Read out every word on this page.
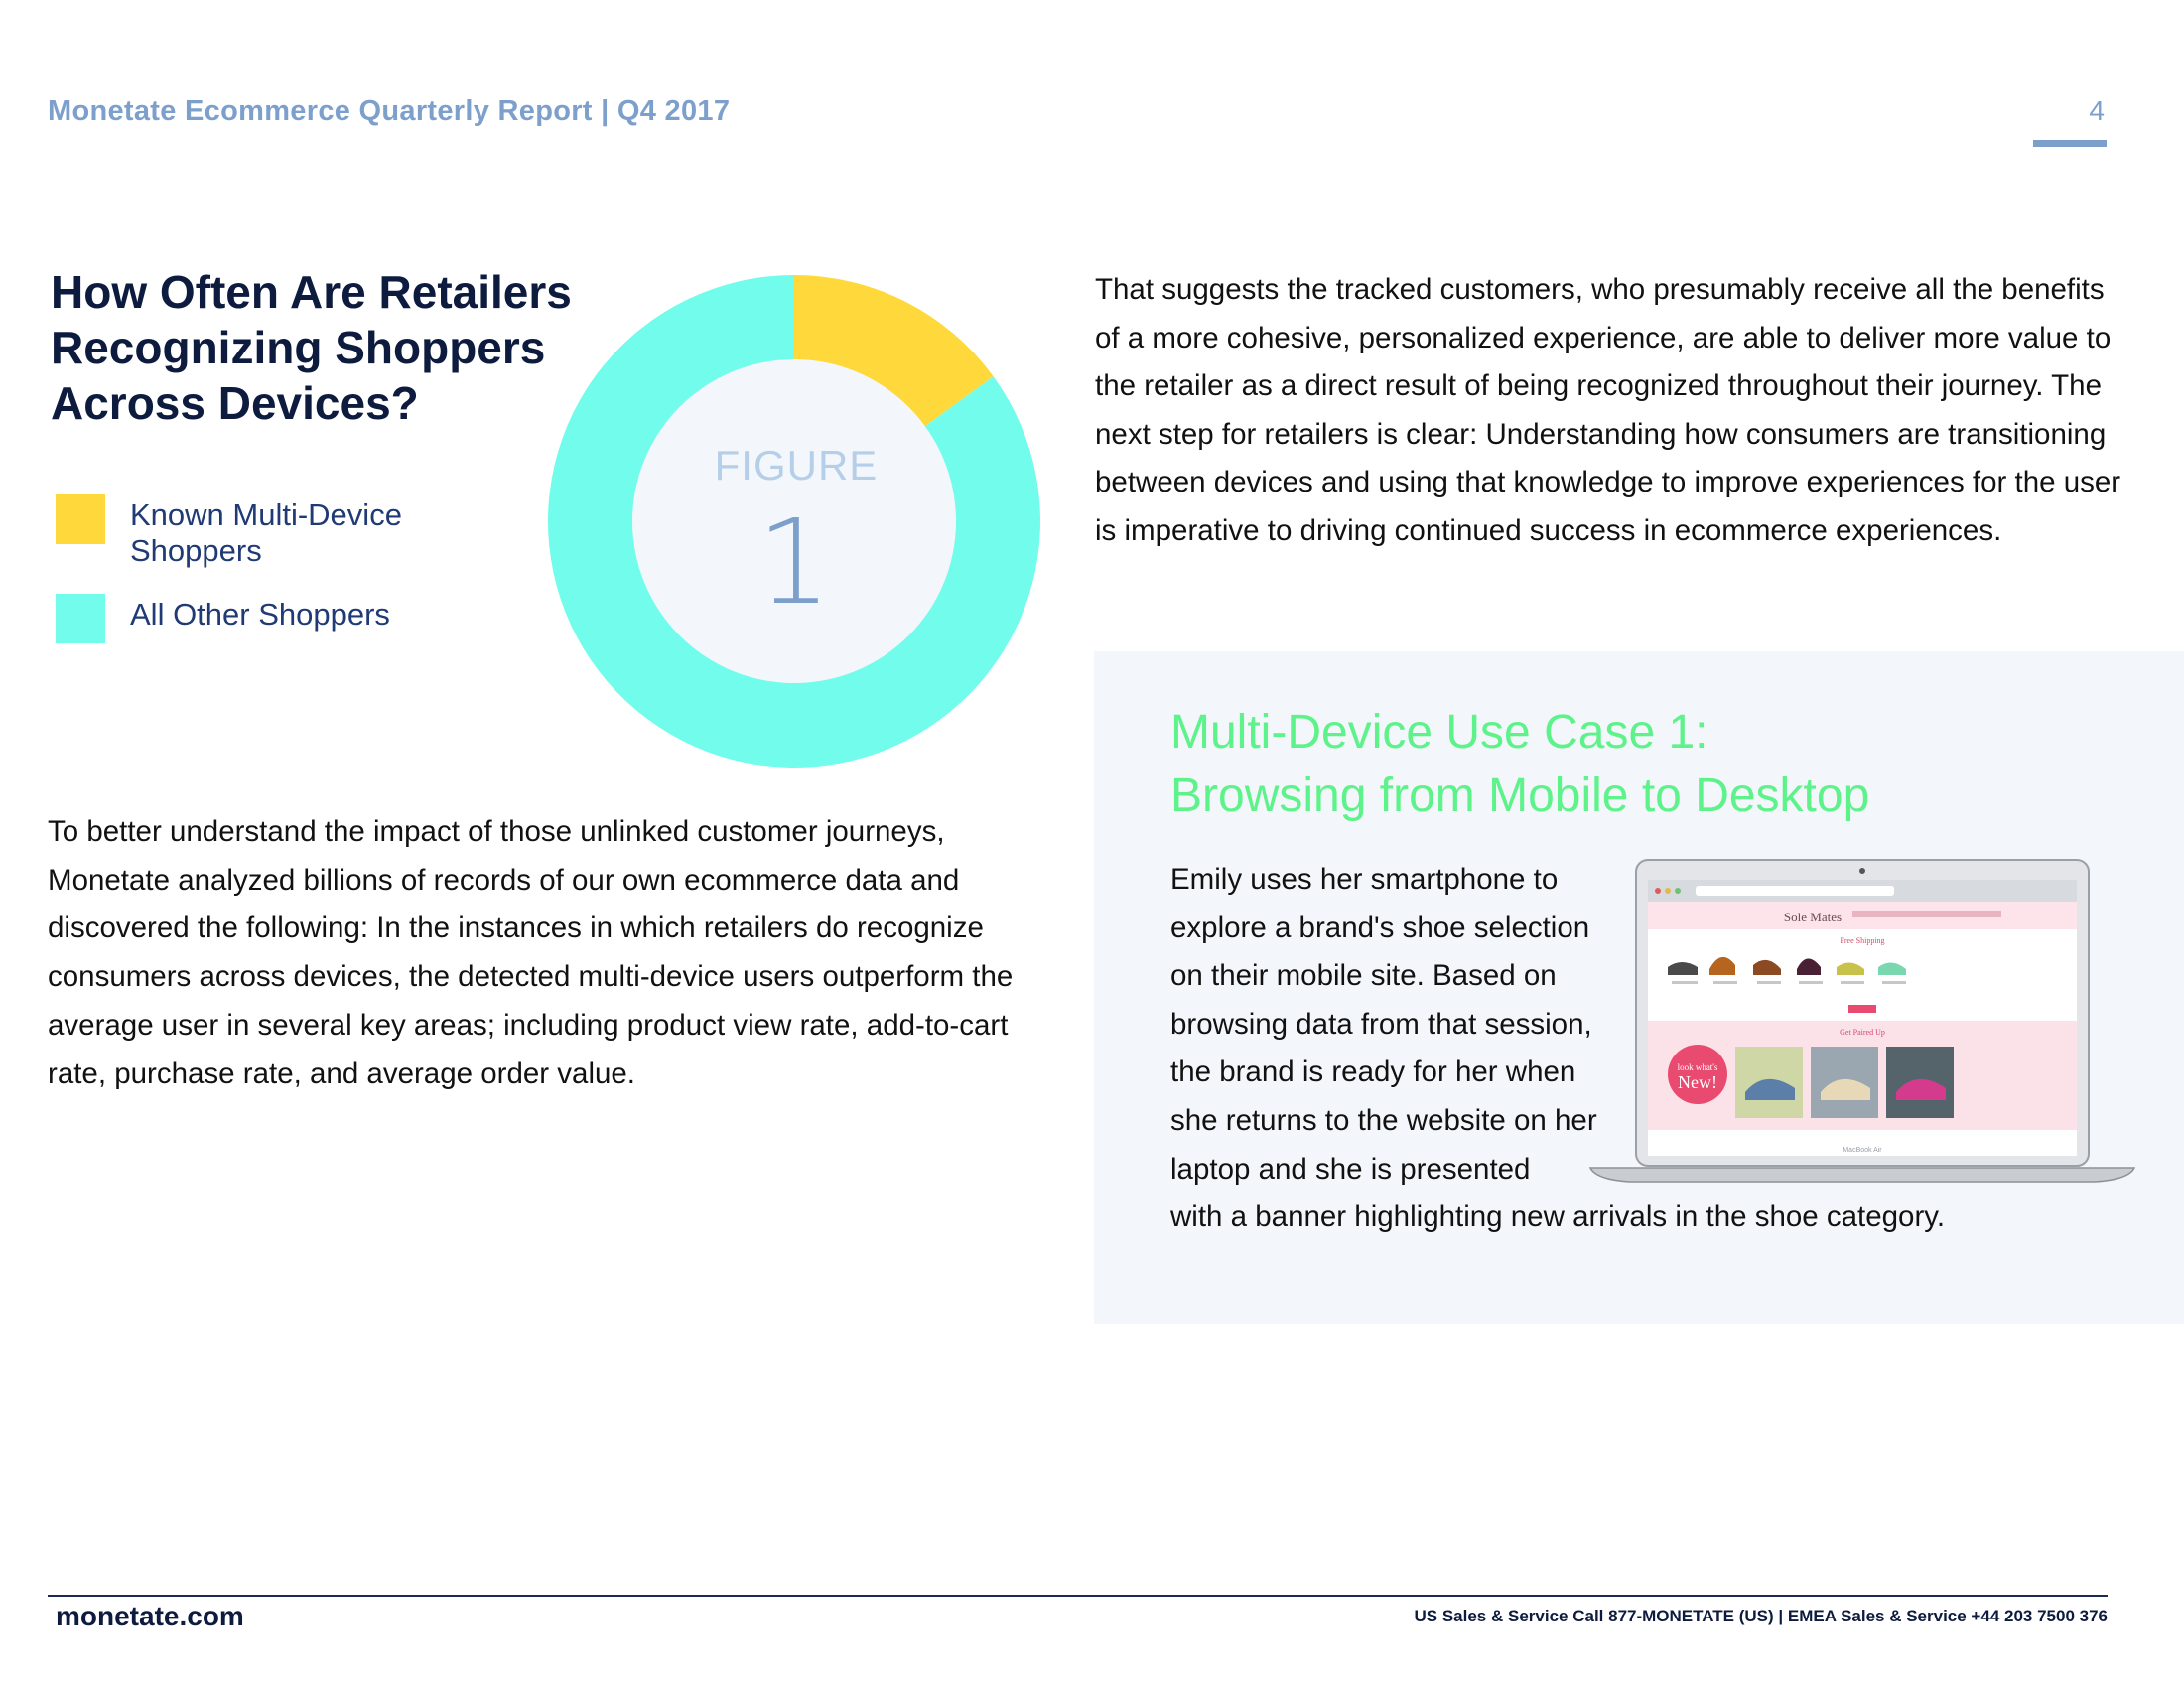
Monetate Ecommerce Quarterly Report | Q4 2017	4
How Often Are Retailers Recognizing Shoppers Across Devices?
Known Multi-Device Shoppers
All Other Shoppers
FIGURE
1

To better understand the impact of those unlinked customer journeys, Monetate analyzed billions of records of our own ecommerce data and discovered the following: In the instances in which retailers do recognize consumers across devices, the detected multi-device users outperform the average user in several key areas; including product view rate, add-to-cart rate, purchase rate, and average order value.

That suggests the tracked customers, who presumably receive all the benefits of a more cohesive, personalized experience, are able to deliver more value to the retailer as a direct result of being recognized throughout their journey. The next step for retailers is clear: Understanding how consumers are transitioning between devices and using that knowledge to improve experiences for the user is imperative to driving continued success in ecommerce experiences.

Multi-Device Use Case 1:
Browsing from Mobile to Desktop

Emily uses her smartphone to explore a brand's shoe selection on their mobile site. Based on browsing data from that session, the brand is ready for her when she returns to the website on her laptop and she is presented
with a banner highlighting new arrivals in the shoe category.

Sole Mates
Free Shipping
Get Paired Up
look what's
New!
MacBook Air
monetate.com	US Sales & Service Call 877-MONETATE (US) | EMEA Sales & Service +44 203 7500 376
